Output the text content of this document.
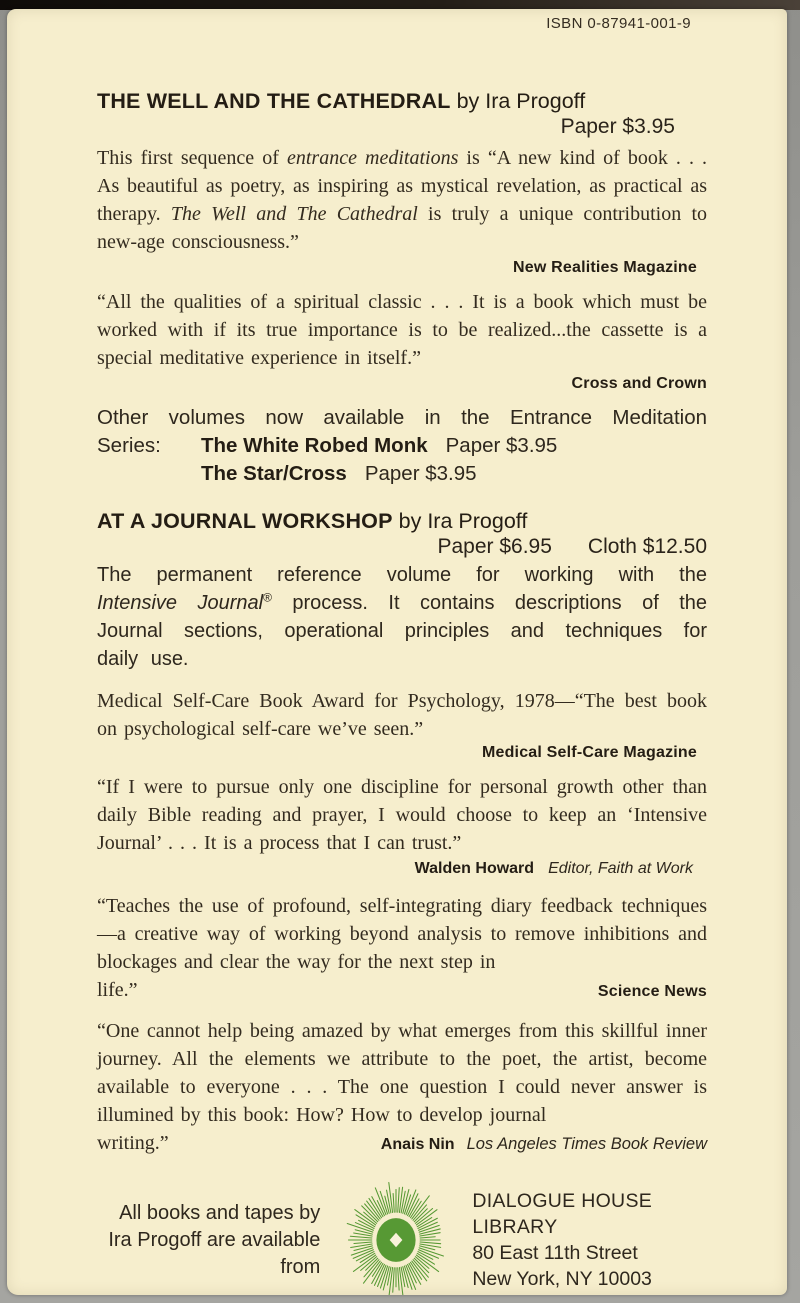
ISBN 0-87941-001-9
THE WELL AND THE CATHEDRAL by Ira Progoff
Paper $3.95

This first sequence of entrance meditations is “A new kind of book . . . As beautiful as poetry, as inspiring as mystical revelation, as practical as therapy. The Well and The Cathedral is truly a unique contribution to new-age consciousness.”

New Realities Magazine

“All the qualities of a spiritual classic . . . It is a book which must be worked with if its true importance is to be realized...the cassette is a special meditative experience in itself.”

Cross and Crown
Other volumes now available in the Entrance Meditation
Series:	The White Robed Monk Paper $3.95
The Star/Cross Paper $3.95
AT A JOURNAL WORKSHOP by Ira Progoff
Paper $6.95 Cloth $12.50

The permanent reference volume for working with the Intensive Journal® process. It contains descriptions of the Journal sections, operational principles and techniques for daily use.

Medical Self-Care Book Award for Psychology, 1978—“The best book on psychological self-care we’ve seen.”

Medical Self-Care Magazine

“If I were to pursue only one discipline for personal growth other than daily Bible reading and prayer, I would choose to keep an ‘Intensive Journal’ . . . It is a process that I can trust.”

Walden Howard Editor, Faith at Work

“Teaches the use of profound, self-integrating diary feedback techniques—a creative way of working beyond analysis to remove inhibitions and blockages and clear the way for the next step in

life.”	Science News

“One cannot help being amazed by what emerges from this skillful inner journey. All the elements we attribute to the poet, the artist, become available to everyone . . . The one question I could never answer is illumined by this book: How? How to develop journal

writing.”	Anais Nin Los Angeles Times Book Review
All books and tapes by
Ira Progoff are available from
DIALOGUE HOUSE LIBRARY
80 East 11th Street
New York, NY 10003
